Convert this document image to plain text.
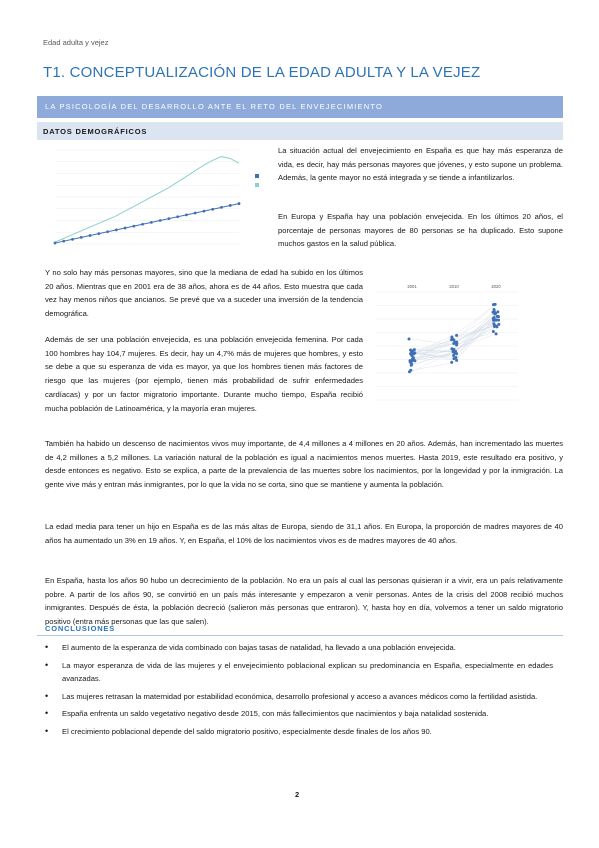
Edad adulta y vejez
T1. CONCEPTUALIZACIÓN DE LA EDAD ADULTA Y LA VEJEZ
LA PSICOLOGÍA DEL DESARROLLO ANTE EL RETO DEL ENVEJECIMIENTO
DATOS DEMOGRÁFICOS

La situación actual del envejecimiento en España es que hay más esperanza de vida, es decir, hay más personas mayores que jóvenes, y esto supone un problema. Además, la gente mayor no está integrada y se tiende a infantilizarlos.

En Europa y España hay una población envejecida. En los últimos 20 años, el porcentaje de personas mayores de 80 personas se ha duplicado. Esto supone muchos gastos en la salud pública.

Y no solo hay más personas mayores, sino que la mediana de edad ha subido en los últimos 20 años. Mientras que en 2001 era de 38 años, ahora es de 44 años. Esto muestra que cada vez hay menos niños que ancianos. Se prevé que va a suceder una inversión de la tendencia demográfica.

Además de ser una población envejecida, es una población envejecida femenina. Por cada 100 hombres hay 104,7 mujeres. Es decir, hay un 4,7% más de mujeres que hombres, y esto se debe a que su esperanza de vida es mayor, ya que los hombres tienen más factores de riesgo que las mujeres (por ejemplo, tienen más probabilidad de sufrir enfermedades cardíacas) y por un factor migratorio importante. Durante mucho tiempo, España recibió mucha población de Latinoamérica, y la mayoría eran mujeres.

2001	2010	2020

También ha habido un descenso de nacimientos vivos muy importante, de 4,4 millones a 4 millones en 20 años. Además, han incrementado las muertes de 4,2 millones a 5,2 millones. La variación natural de la población es igual a nacimientos menos muertes. Hasta 2019, este resultado era positivo, y desde entonces es negativo. Esto se explica, a parte de la prevalencia de las muertes sobre los nacimientos, por la longevidad y por la inmigración. La gente vive más y entran más inmigrantes, por lo que la vida no se corta, sino que se mantiene y aumenta la población.

La edad media para tener un hijo en España es de las más altas de Europa, siendo de 31,1 años. En Europa, la proporción de madres mayores de 40 años ha aumentado un 3% en 19 años. Y, en España, el 10% de los nacimientos vivos es de madres mayores de 40 años.

En España, hasta los años 90 hubo un decrecimiento de la población. No era un país al cual las personas quisieran ir a vivir, era un país relativamente pobre. A partir de los años 90, se convirtió en un país más interesante y empezaron a venir personas. Antes de la crisis del 2008 recibió muchos inmigrantes. Después de ésta, la población decreció (salieron más personas que entraron). Y, hasta hoy en día, volvemos a tener un saldo migratorio positivo (entra más personas que las que salen).

CONCLUSIONES
• El aumento de la esperanza de vida combinado con bajas tasas de natalidad, ha llevado a una población envejecida.
• La mayor esperanza de vida de las mujeres y el envejecimiento poblacional explican su predominancia en España, especialmente en edades avanzadas.
• Las mujeres retrasan la maternidad por estabilidad económica, desarrollo profesional y acceso a avances médicos como la fertilidad asistida.
• España enfrenta un saldo vegetativo negativo desde 2015, con más fallecimientos que nacimientos y baja natalidad sostenida.
• El crecimiento poblacional depende del saldo migratorio positivo, especialmente desde finales de los años 90.
2
